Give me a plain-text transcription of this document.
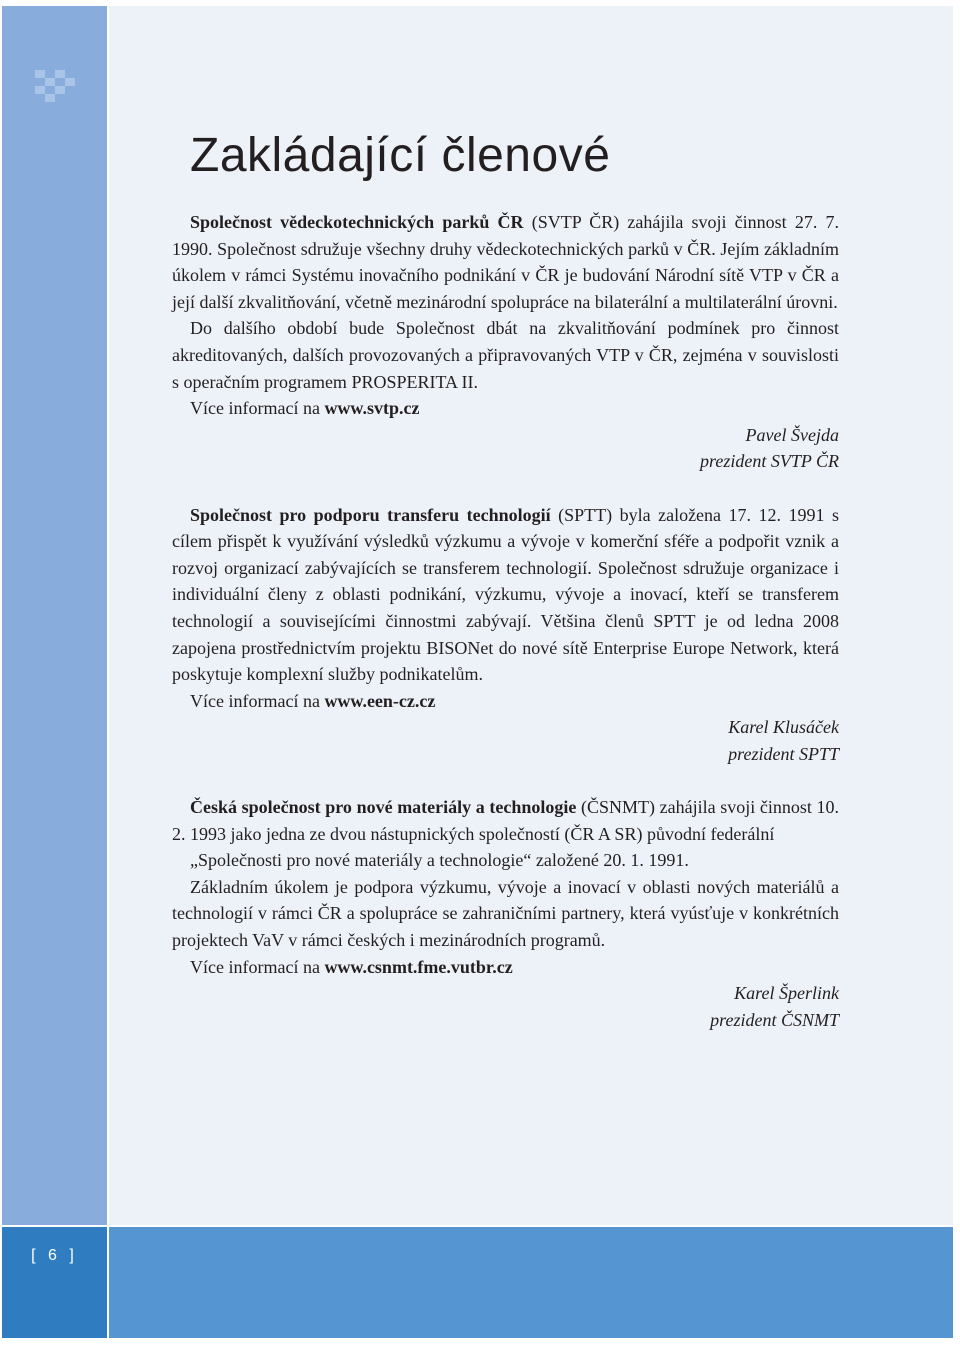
[ 6 ]
Zakládající členové

Společnost vědeckotechnických parků ČR (SVTP ČR) zahájila svoji činnost 27. 7. 1990. Společnost sdružuje všechny druhy vědeckotechnických parků v ČR. Jejím základním úkolem v rámci Systému inovačního podnikání v ČR je budování Národní sítě VTP v ČR a její další zkvalitňování, včetně mezinárodní spolupráce na bilaterální a multilaterální úrovni.

Do dalšího období bude Společnost dbát na zkvalitňování podmínek pro činnost akreditovaných, dalších provozovaných a připravovaných VTP v ČR, zejména v souvislosti s operačním programem PROSPERITA II.

Více informací na www.svtp.cz

Pavel Švejda

prezident SVTP ČR

Společnost pro podporu transferu technologií (SPTT) byla založena 17. 12. 1991 s cílem přispět k využívání výsledků výzkumu a vývoje v komerční sféře a podpořit vznik a rozvoj organizací zabývajících se transferem technologií. Společnost sdružuje organizace i individuální členy z oblasti podnikání, výzkumu, vývoje a inovací, kteří se transferem technologií a souvisejícími činnostmi zabývají. Většina členů SPTT je od ledna 2008 zapojena prostřednictvím projektu BISONet do nové sítě Enterprise Europe Network, která poskytuje komplexní služby podnikatelům.

Více informací na www.een-cz.cz

Karel Klusáček

prezident SPTT

Česká společnost pro nové materiály a technologie (ČSNMT) zahájila svoji činnost 10. 2. 1993 jako jedna ze dvou nástupnických společností (ČR A SR) původní federální

„Společnosti pro nové materiály a technologie“ založené 20. 1. 1991.

Základním úkolem je podpora výzkumu, vývoje a inovací v oblasti nových materiálů a technologií v rámci ČR a spolupráce se zahraničními partnery, která vyúsťuje v konkrétních projektech VaV v rámci českých i mezinárodních programů.

Více informací na www.csnmt.fme.vutbr.cz

Karel Šperlink

prezident ČSNMT
